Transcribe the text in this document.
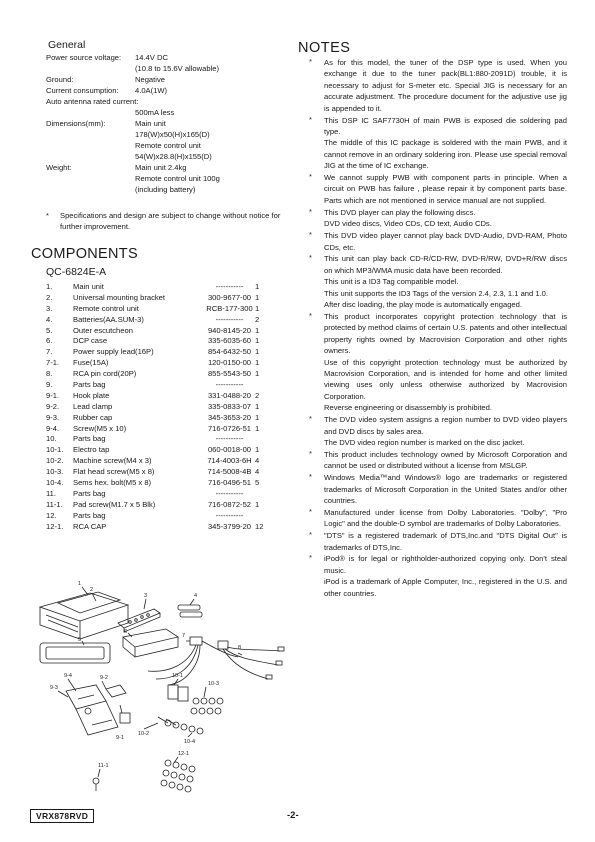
General
Power source voltage: 14.4V DC
(10.8 to 15.6V allowable)
Ground:	Negative
Current consumption: 4.0A(1W)
Auto antenna rated current:
500mA less
Dimensions(mm):	Main unit
178(W)x50(H)x165(D)
Remote control unit
54(W)x28.8(H)x155(D)
Weight:	Main unit 2.4kg
Remote control unit 100g
(including battery)
*	Specifications and design are subject to change without notice for further improvement.
COMPONENTS
QC-6824E-A
1.	Main unit	-----------	1
2.	Universal mounting bracket	300-9677-00 1
3.	Remote control unit	RCB-177-300 1
4.	Batteries(AA.SUM-3)	-----------	2
5.	Outer escutcheon	940-8145-20 1
6.	DCP case	335-6035-60 1
7.	Power supply lead(16P)	854-6432-50 1
7-1. Fuse(15A)	120-0150-00 1
8.	RCA pin cord(20P)	855-5543-50 1
9.	Parts bag	-----------
9-1. Hook plate	331-0488-20 2
9-2. Lead clamp	335-0833-07 1
9-3. Rubber cap	345-3653-20 1
9-4. Screw(M5 x 10)	716-0726-51 1
10. Parts bag	-----------
10-1. Electro tap	060-0018-00 1
10-2. Machine screw(M4 x 3)	714-4003-6H 4
10-3. Flat head screw(M5 x 8)	714-5008-4B 4
10-4. Sems hex. bolt(M5 x 8)	716-0496-51 5
11. Parts bag	-----------
11-1. Pad screw(M1.7 x 5 Blk)	716-0872-52 1
12. Parts bag	-----------
12-1. RCA CAP	345-3799-20 12
1
2
3	4
5
6
7
8
9-4	9-2
9-3
9-1
10-1
10-2
10-3
10-4
11-1
12-1
NOTES
* As for this model, the tuner of the DSP type is used. When you exchange it due to the tuner pack(BL1:880-2091D) trouble, it is necessary to adjust for S-meter etc. Special JIG is necessary for an accurate adjustment. The procedure document for the adjustive use jig is appended to it.

* This DSP IC SAF7730H of main PWB is exposed die soldering pad type.

The middle of this IC package is soldered with the main PWB, and it cannot remove in an ordinary soldering iron. Please use special removal JIG at the time of IC exchange.

* We cannot supply PWB with component parts in principle. When a circuit on PWB has failure , please repair it by component parts base. Parts which are not mentioned in service manual are not supplied.

* This DVD player can play the following discs.

DVD video discs, Video CDs, CD text, Audio CDs.

* This DVD video player cannot play back DVD-Audio, DVD-RAM, Photo CDs, etc.

* This unit can play back CD-R/CD-RW, DVD-R/RW, DVD+R/RW discs on which MP3/WMA music data have been recorded.

This unit is a ID3 Tag compatible model.

This unit supports the ID3 Tags of the version 2.4, 2.3, 1.1 and 1.0.

After disc loading, the play mode is automatically engaged.

* This product incorporates copyright protection technology that is protected by method claims of certain U.S. patents and other intellectual property rights owned by Macrovision Corporation and other rights owners.

Use of this copyright protection technology must be authorized by Macrovision Corporation, and is intended for home and other limited viewing uses only unless otherwise authorized by Macrovision Corporation.

Reverse engineering or disassembly is prohibited.

* The DVD video system assigns a region number to DVD video players and DVD discs by sales area.

The DVD video region number is marked on the disc jacket.

* This product includes technology owned by Microsoft Corporation and cannot be used or distributed without a license from MSLGP.

* Windows Media™and Windows® logo are trademarks or registered trademarks of Microsoft Corporation in the United States and/or other countries.

* Manufactured under license from Dolby Laboratories. "Dolby", "Pro Logic" and the double-D symbol are trademarks of Dolby Laboratories.

* "DTS" is a registered trademark of DTS,Inc.and "DTS Digital Out" is trademarks of DTS,Inc.

* iPod® is for legal or rightholder-authorized copying only. Don't steal music.

iPod is a trademark of Apple Computer, Inc., registered in the U.S. and other countries.

VRX878RVD	-2-
